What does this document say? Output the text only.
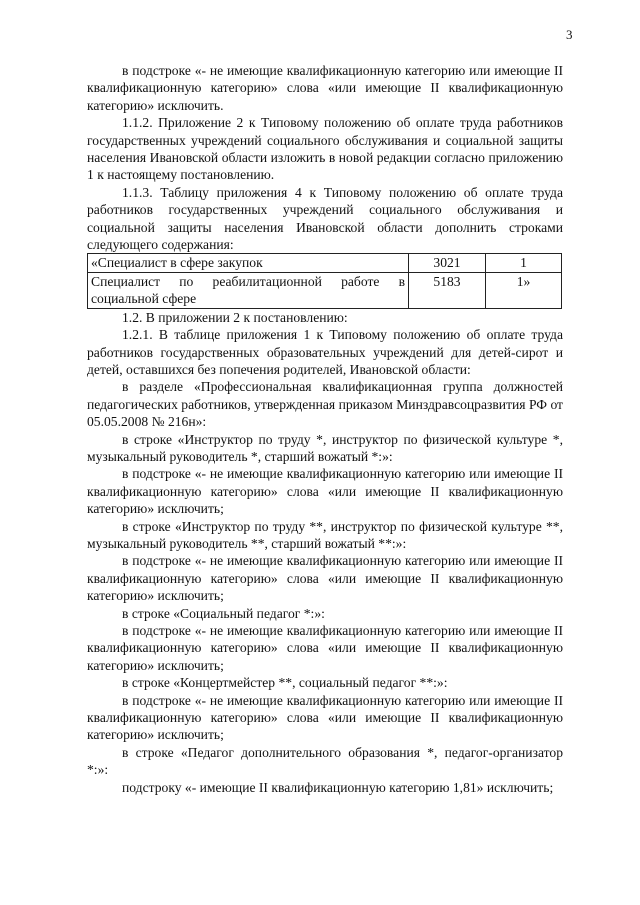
3

в подстроке «- не имеющие квалификационную категорию или имеющие II квалификационную категорию» слова «или имеющие II квалификационную категорию» исключить.

1.1.2. Приложение 2 к Типовому положению об оплате труда работников государственных учреждений социального обслуживания и социальной защиты населения Ивановской области изложить в новой редакции согласно приложению 1 к настоящему постановлению.

1.1.3. Таблицу приложения 4 к Типовому положению об оплате труда работников государственных учреждений социального обслуживания и социальной защиты населения Ивановской области дополнить строками следующего содержания:

«Специалист в сфере закупок	3021	1
Специалист по реабилитационной работе в социальной сфере	5183	1»

1.2. В приложении 2 к постановлению:

1.2.1. В таблице приложения 1 к Типовому положению об оплате труда работников государственных образовательных учреждений для детей-сирот и детей, оставшихся без попечения родителей, Ивановской области:

в разделе «Профессиональная квалификационная группа должностей педагогических работников, утвержденная приказом Минздравсоцразвития РФ от 05.05.2008 № 216н»:

в строке «Инструктор по труду *, инструктор по физической культуре *, музыкальный руководитель *, старший вожатый *:»:

в подстроке «- не имеющие квалификационную категорию или имеющие II квалификационную категорию» слова «или имеющие II квалификационную категорию» исключить;

в строке «Инструктор по труду **, инструктор по физической культуре **, музыкальный руководитель **, старший вожатый **:»:

в подстроке «- не имеющие квалификационную категорию или имеющие II квалификационную категорию» слова «или имеющие II квалификационную категорию» исключить;

в строке «Социальный педагог *:»:

в подстроке «- не имеющие квалификационную категорию или имеющие II квалификационную категорию» слова «или имеющие II квалификационную категорию» исключить;

в строке «Концертмейстер **, социальный педагог **:»:

в подстроке «- не имеющие квалификационную категорию или имеющие II квалификационную категорию» слова «или имеющие II квалификационную категорию» исключить;

в строке «Педагог дополнительного образования *, педагог-организатор *:»:

подстроку «- имеющие II квалификационную категорию 1,81» исключить;
